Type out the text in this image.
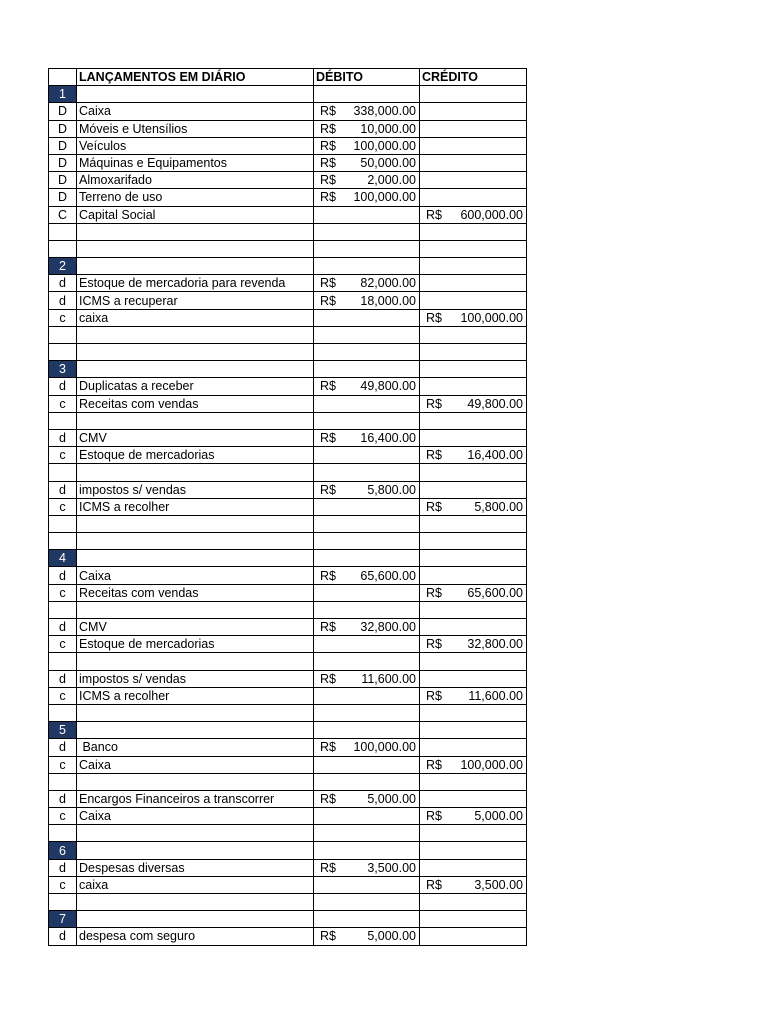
	LANÇAMENTOS EM DIÁRIO	DÉBITO	CRÉDITO
1			
D	Caixa	R$ 338,000.00	

D	Móveis e Utensílios	R$ 10,000.00	

D	Veículos	R$ 100,000.00	

D	Máquinas e Equipamentos	R$ 50,000.00	

D	Almoxarifado	R$ 2,000.00	

D	Terreno de uso	R$ 100,000.00	

C	Capital Social		R$ 600,000.00

2			
d	Estoque de mercadoria para revenda	R$ 82,000.00	

d	ICMS a recuperar	R$ 18,000.00	

c	caixa		R$ 100,000.00

3			
d	Duplicatas a receber	R$ 49,800.00	

c	Receitas com vendas		R$ 49,800.00

d	CMV	R$ 16,400.00	

c	Estoque de mercadorias		R$ 16,400.00

d	impostos s/ vendas	R$ 5,800.00	

c	ICMS a recolher		R$ 5,800.00

4			
d	Caixa	R$ 65,600.00	

c	Receitas com vendas		R$ 65,600.00

d	CMV	R$ 32,800.00	

c	Estoque de mercadorias		R$ 32,800.00

d	impostos s/ vendas	R$ 11,600.00	

c	ICMS a recolher		R$ 11,600.00

5			
d	Banco	R$ 100,000.00	

c	Caixa		R$ 100,000.00

d	Encargos Financeiros a transcorrer	R$ 5,000.00	

c	Caixa		R$ 5,000.00

6			
d	Despesas diversas	R$ 3,500.00	

c	caixa		R$ 3,500.00

7			
d	despesa com seguro	R$ 5,000.00	
